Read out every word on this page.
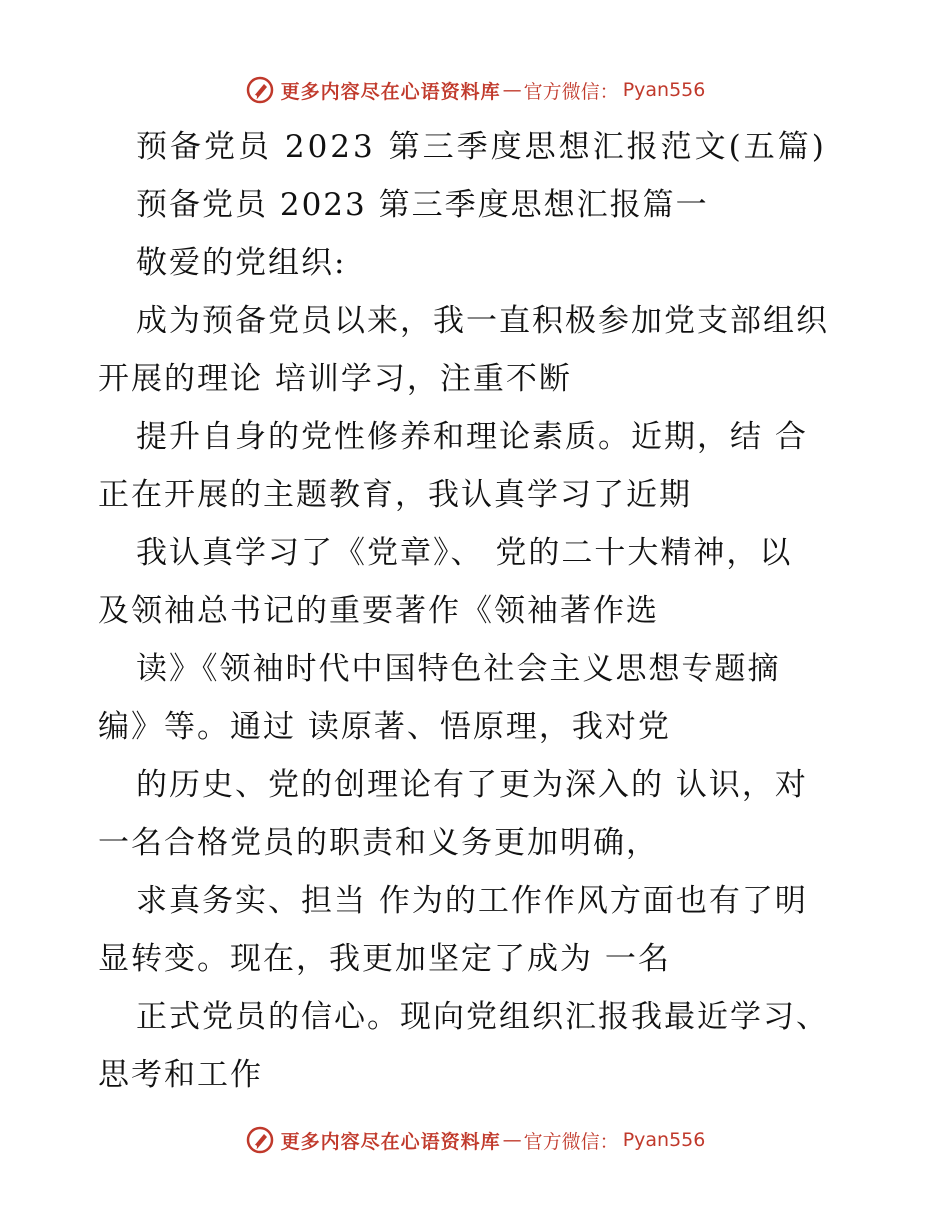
更多内容尽在心语资料库 — 官方微信： Pyan556
预备党员 2023 第三季度思想汇报范文(五篇)
预备党员 2023 第三季度思想汇报篇一
敬爱的党组织:
成为预备党员以来，我一直积极参加党支部组织
开展的理论 培训学习，注重不断
提升自身的党性修养和理论素质。近期，结 合
正在开展的主题教育，我认真学习了近期
我认真学习了《党章》、 党的二十大精神，以
及领袖总书记的重要著作《领袖著作选
读》《领袖时代中国特色社会主义思想专题摘
编》等。通过 读原著、悟原理，我对党
的历史、党的创理论有了更为深入的 认识，对
一名合格党员的职责和义务更加明确，
求真务实、担当 作为的工作作风方面也有了明
显转变。现在，我更加坚定了成为 一名
正式党员的信心。现向党组织汇报我最近学习、
思考和工作
更多内容尽在心语资料库 — 官方微信： Pyan556
